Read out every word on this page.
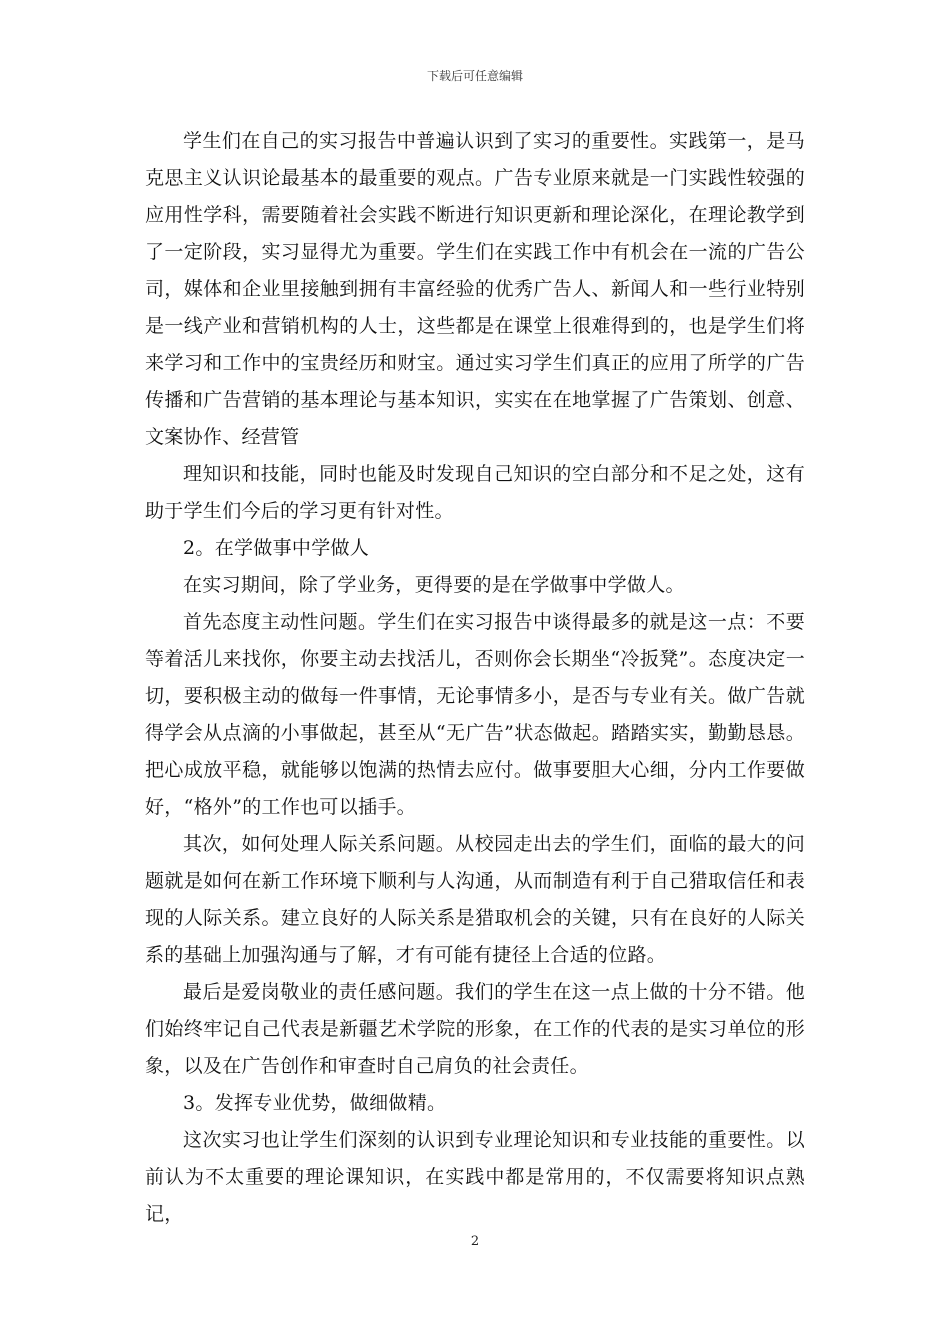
下载后可任意编辑

学生们在自己的实习报告中普遍认识到了实习的重要性。实践第一，是马克思主义认识论最基本的最重要的观点。广告专业原来就是一门实践性较强的应用性学科，需要随着社会实践不断进行知识更新和理论深化，在理论教学到了一定阶段，实习显得尤为重要。学生们在实践工作中有机会在一流的广告公司，媒体和企业里接触到拥有丰富经验的优秀广告人、新闻人和一些行业特别是一线产业和营销机构的人士，这些都是在课堂上很难得到的，也是学生们将来学习和工作中的宝贵经历和财宝。通过实习学生们真正的应用了所学的广告传播和广告营销的基本理论与基本知识，实实在在地掌握了广告策划、创意、文案协作、经营管

理知识和技能，同时也能及时发现自己知识的空白部分和不足之处，这有助于学生们今后的学习更有针对性。

2。在学做事中学做人

在实习期间，除了学业务，更得要的是在学做事中学做人。

首先态度主动性问题。学生们在实习报告中谈得最多的就是这一点：不要等着活儿来找你，你要主动去找活儿，否则你会长期坐“冷扳凳”。态度决定一切，要积极主动的做每一件事情，无论事情多小，是否与专业有关。做广告就得学会从点滴的小事做起，甚至从“无广告”状态做起。踏踏实实，勤勤恳恳。把心成放平稳，就能够以饱满的热情去应付。做事要胆大心细，分内工作要做好，“格外”的工作也可以插手。

其次，如何处理人际关系问题。从校园走出去的学生们，面临的最大的问题就是如何在新工作环境下顺利与人沟通，从而制造有利于自己猎取信任和表现的人际关系。建立良好的人际关系是猎取机会的关键，只有在良好的人际关系的基础上加强沟通与了解，才有可能有捷径上合适的位路。

最后是爱岗敬业的责任感问题。我们的学生在这一点上做的十分不错。他们始终牢记自己代表是新疆艺术学院的形象，在工作的代表的是实习单位的形象，以及在广告创作和审查时自己肩负的社会责任。

3。发挥专业优势，做细做精。

这次实习也让学生们深刻的认识到专业理论知识和专业技能的重要性。以前认为不太重要的理论课知识，在实践中都是常用的，不仅需要将知识点熟记，

2
